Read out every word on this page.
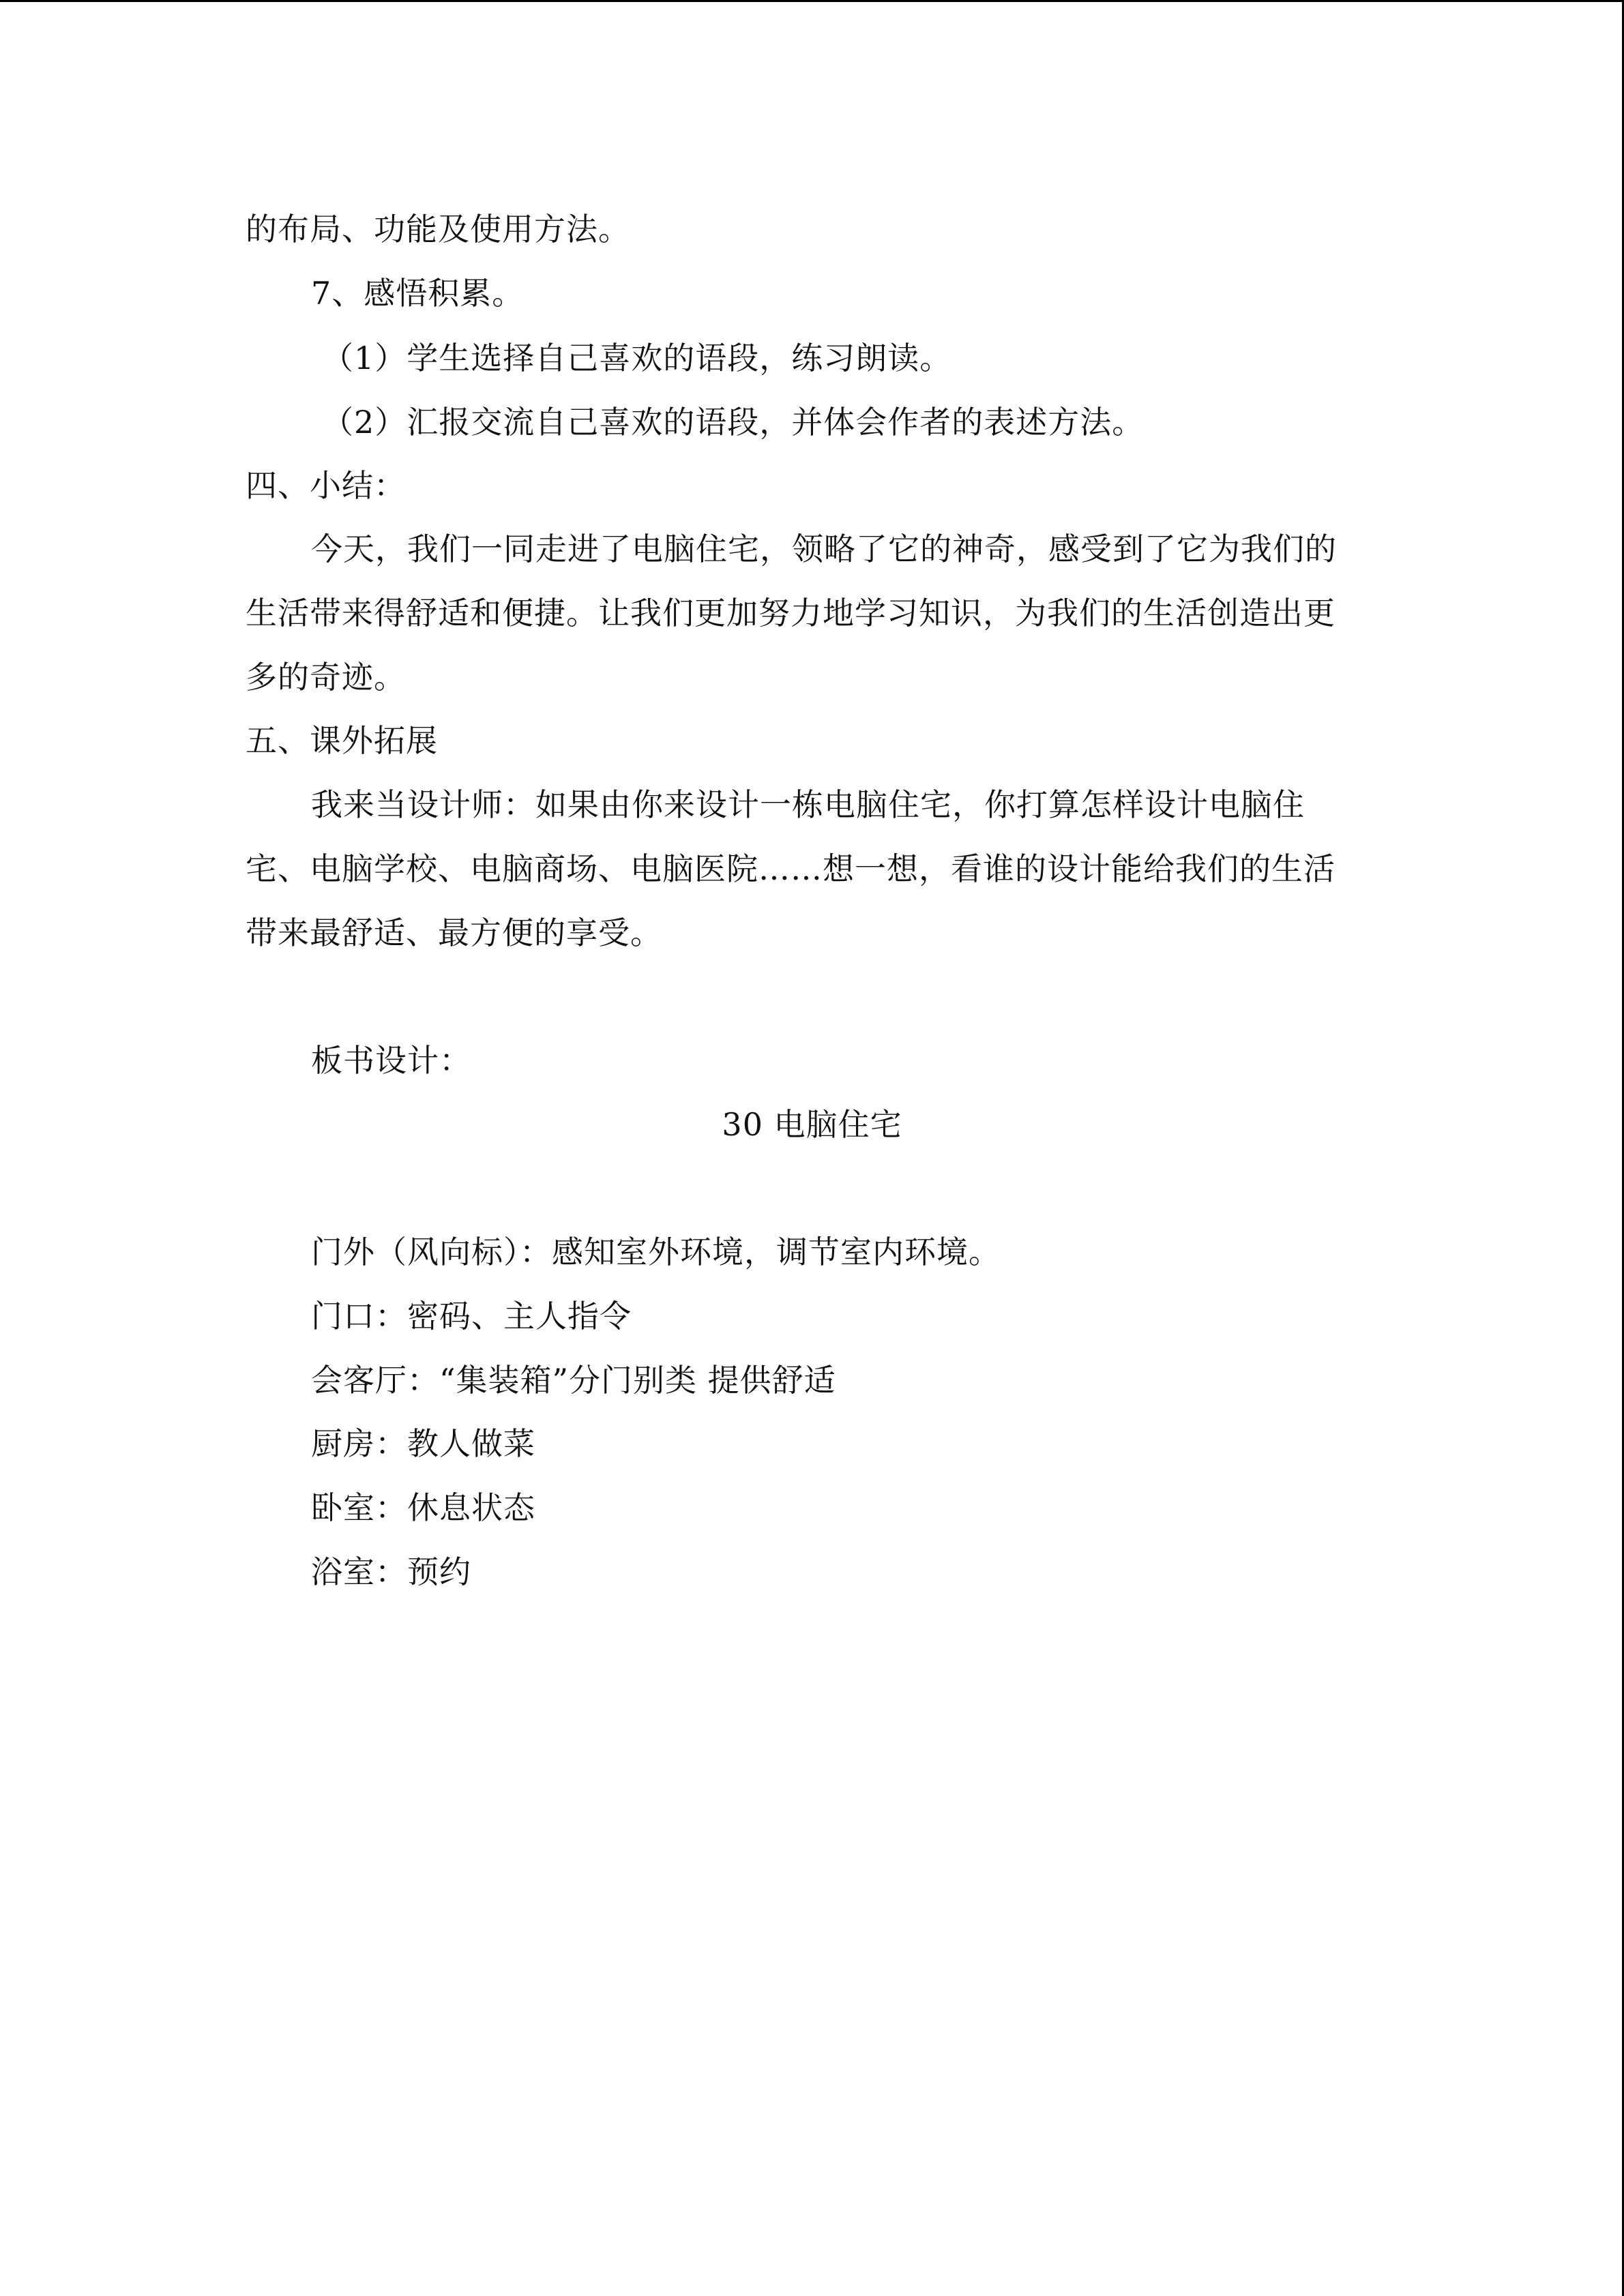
的布局、功能及使用方法。
7、感悟积累。
（1）学生选择自己喜欢的语段，练习朗读。
（2）汇报交流自己喜欢的语段，并体会作者的表述方法。
四、小结：
今天，我们一同走进了电脑住宅，领略了它的神奇，感受到了它为我们的
生活带来得舒适和便捷。让我们更加努力地学习知识，为我们的生活创造出更
多的奇迹。
五、课外拓展
我来当设计师：如果由你来设计一栋电脑住宅，你打算怎样设计电脑住
宅、电脑学校、电脑商场、电脑医院……想一想，看谁的设计能给我们的生活
带来最舒适、最方便的享受。
板书设计：
30 电脑住宅
门外（风向标）：感知室外环境，调节室内环境。
门口：密码、主人指令
会客厅：“集装箱”分门别类 提供舒适
厨房：教人做菜
卧室：休息状态
浴室：预约
